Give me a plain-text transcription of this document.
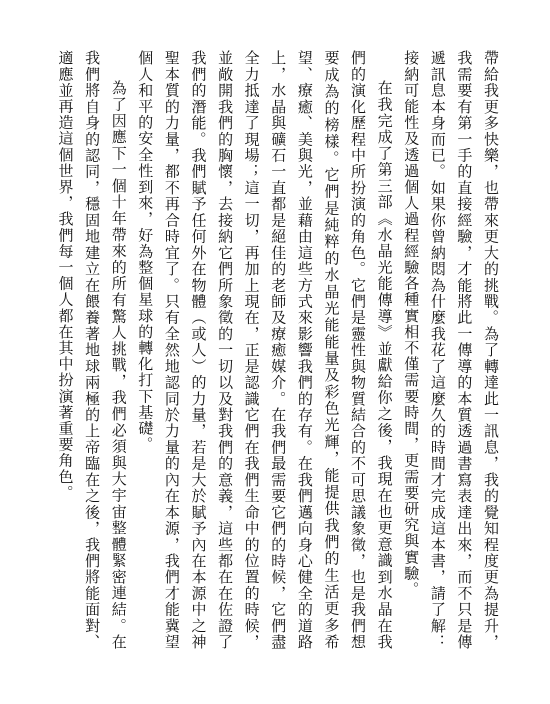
帶給我更多快樂，也帶來更大的挑戰。為了轉達此一訊息，我的覺知程度更為提升，我需要有第一手的直接經驗，才能將此一傳導的本質透過書寫表達出來，而不只是傳遞訊息本身而已。如果你曾納悶為什麼我花了這麼久的時間才完成這本書，請了解：接納可能性及透過個人過程經驗各種實相不僅需要時間，更需要研究與實驗。

在我完成了第三部《水晶光能傳導》並獻給你之後，我現在也更意識到水晶在我們的演化歷程中所扮演的角色。它們是靈性與物質結合的不可思議象徵，也是我們想要成為的榜樣。它們是純粹的水晶光能能量及彩色光輝，能提供我們的生活更多希望、療癒、美與光，並藉由這些方式來影響我們的存有。在我們邁向身心健全的道路上，水晶與礦石一直都是絕佳的老師及療癒媒介。在我們最需要它們的時候，它們盡全力抵達了現場；這一切，再加上現在，正是認識它們在我們生命中的位置的時候，並敞開我們的胸懷，去接納它們所象徵的一切以及對我們的意義，這些都在在佐證了我們的潛能。我們賦予任何外在物體（或人）的力量，若是大於賦予內在本源中之神聖本質的力量，都不再合時宜了。只有全然地認同於力量的內在本源，我們才能冀望個人和平的安全性到來，好為整個星球的轉化打下基礎。

為了因應下一個十年帶來的所有驚人挑戰，我們必須與大宇宙整體緊密連結。在我們將自身的認同，穩固地建立在餵養著地球兩極的上帝臨在之後，我們將能面對、適應並再造這個世界，我們每一個人都在其中扮演著重要角色。
